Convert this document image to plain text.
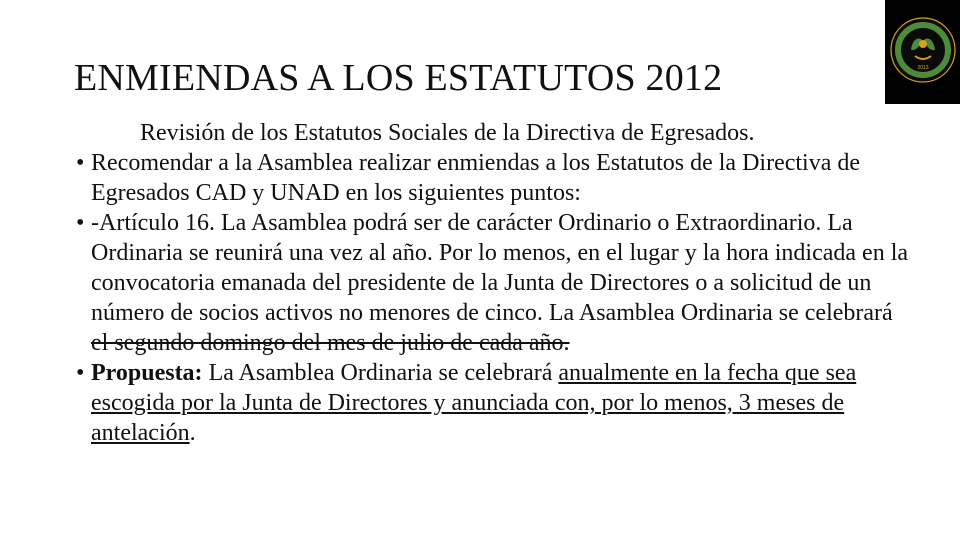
ENMIENDAS A LOS ESTATUTOS 2012	2013
Revisión de los Estatutos Sociales de la Directiva de Egresados.
• Recomendar a la Asamblea realizar enmiendas a los Estatutos de la Directiva de Egresados CAD y UNAD en los siguientes puntos:
• -Artículo 16. La Asamblea podrá ser de carácter Ordinario o Extraordinario. La Ordinaria se reunirá una vez al año. Por lo menos, en el lugar y la hora indicada en la convocatoria emanada del presidente de la Junta de Directores o a solicitud de un número de socios activos no menores de cinco. La Asamblea Ordinaria se celebrará el segundo domingo del mes de julio de cada año.
• Propuesta: La Asamblea Ordinaria se celebrará anualmente en la fecha que sea escogida por la Junta de Directores y anunciada con, por lo menos, 3 meses de antelación.
